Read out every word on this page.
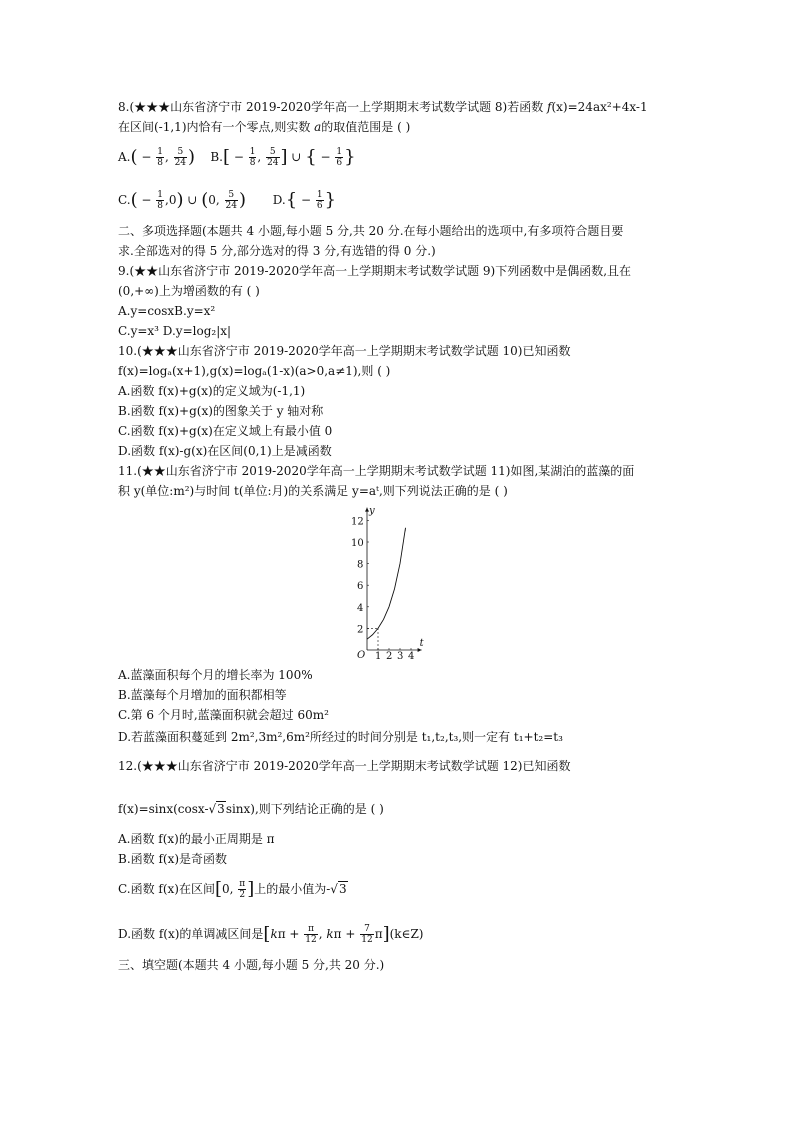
8.(★★★山东省济宁市 2019-2020学年高一上学期期末考试数学试题 8)若函数 f(x)=24ax²+4x-1
在区间(-1,1)内恰有一个零点,则实数 a的取值范围是 ( )
$A.( - \frac{1}{8}$ , $\frac{5}{24}$ ) $B.[ - \frac{1}{8}$ , $\frac{5}{24}$ ] ∪ { − $\frac{1}{6}$ }
$C.( - \frac{1}{8} ,0)$ ∪ (0, $\frac{5}{24}$ ) $D.\{ - \frac{1}{6}$ }
二、多项选择题(本题共 4 小题,每小题 5 分,共 20 分.在每小题给出的选项中,有多项符合题目要
求.全部选对的得 5 分,部分选对的得 3 分,有选错的得 0 分.)
9.(★★山东省济宁市 2019-2020学年高一上学期期末考试数学试题 9)下列函数中是偶函数,且在
(0,+∞)上为增函数的有 ( )
A.y=cosxB.y=x²
C.y=x³ D.y=log₂|x|
10.(★★★山东省济宁市 2019-2020学年高一上学期期末考试数学试题 10)已知函数
f(x)=logₐ(x+1),g(x)=logₐ(1-x)(a>0,a≠1),则 ( )
A.函数 f(x)+g(x)的定义域为(-1,1)
B.函数 f(x)+g(x)的图象关于 y 轴对称
C.函数 f(x)+g(x)在定义域上有最小值 0
D.函数 f(x)-g(x)在区间(0,1)上是减函数
11.(★★山东省济宁市 2019-2020学年高一上学期期末考试数学试题 11)如图,某湖泊的蓝藻的面
积 y(单位:m²)与时间 t(单位:月)的关系满足 y=aᵗ,则下列说法正确的是 ( )
t
y
O 1 2 3 4
2
4
6
8
10
12
A.蓝藻面积每个月的增长率为 100%
B.蓝藻每个月增加的面积都相等
C.第 6 个月时,蓝藻面积就会超过 60m²
D.若蓝藻面积蔓延到 2m²,3m²,6m²所经过的时间分别是 t₁,t₂,t₃,则一定有 t₁+t₂=t₃
12.(★★★山东省济宁市 2019-2020学年高一上学期期末考试数学试题 12)已知函数
f(x)=sinx(cosx-√3sinx),则下列结论正确的是 ( )
A.函数 f(x)的最小正周期是 π
B.函数 f(x)是奇函数
C.函数 f(x)在区间[0, $\frac{\pi}{2}$ ]上的最小值为-√3
D.函数 f(x)的单调减区间是[$k\pi + \frac{\pi}{12}$ , $k\pi + \frac{7}{12}$ π](k∈Z)
三、填空题(本题共 4 小题,每小题 5 分,共 20 分.)
